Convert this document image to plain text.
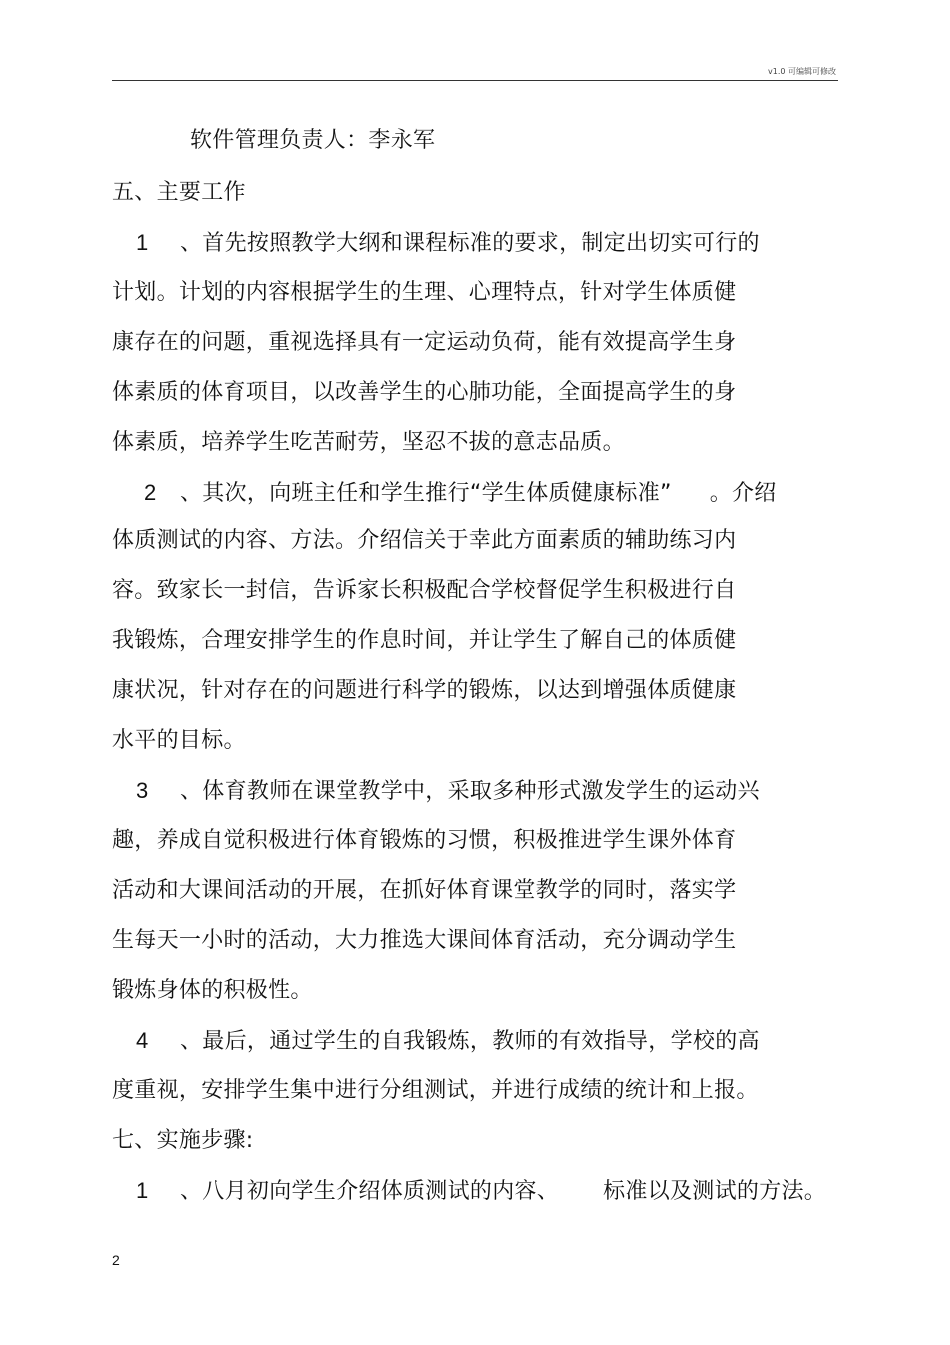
v1.0 可编辑可修改
软件管理负责人：李永军
五、主要工作
1 、首先按照教学大纲和课程标准的要求，制定出切实可行的
计划。计划的内容根据学生的生理、心理特点，针对学生体质健
康存在的问题，重视选择具有一定运动负荷，能有效提高学生身
体素质的体育项目，以改善学生的心肺功能，全面提高学生的身
体素质，培养学生吃苦耐劳，坚忍不拔的意志品质。
2 、其次，向班主任和学生推行“学生体质健康标准” 。介绍
体质测试的内容、方法。介绍信关于幸此方面素质的辅助练习内
容。致家长一封信，告诉家长积极配合学校督促学生积极进行自
我锻炼，合理安排学生的作息时间，并让学生了解自己的体质健
康状况，针对存在的问题进行科学的锻炼，以达到增强体质健康
水平的目标。
3 、体育教师在课堂教学中，采取多种形式激发学生的运动兴
趣，养成自觉积极进行体育锻炼的习惯，积极推进学生课外体育
活动和大课间活动的开展，在抓好体育课堂教学的同时，落实学
生每天一小时的活动，大力推选大课间体育活动，充分调动学生
锻炼身体的积极性。
4 、最后，通过学生的自我锻炼，教师的有效指导，学校的高
度重视，安排学生集中进行分组测试，并进行成绩的统计和上报。
七、实施步骤:
1 、八月初向学生介绍体质测试的内容、 标准以及测试的方法。
2
